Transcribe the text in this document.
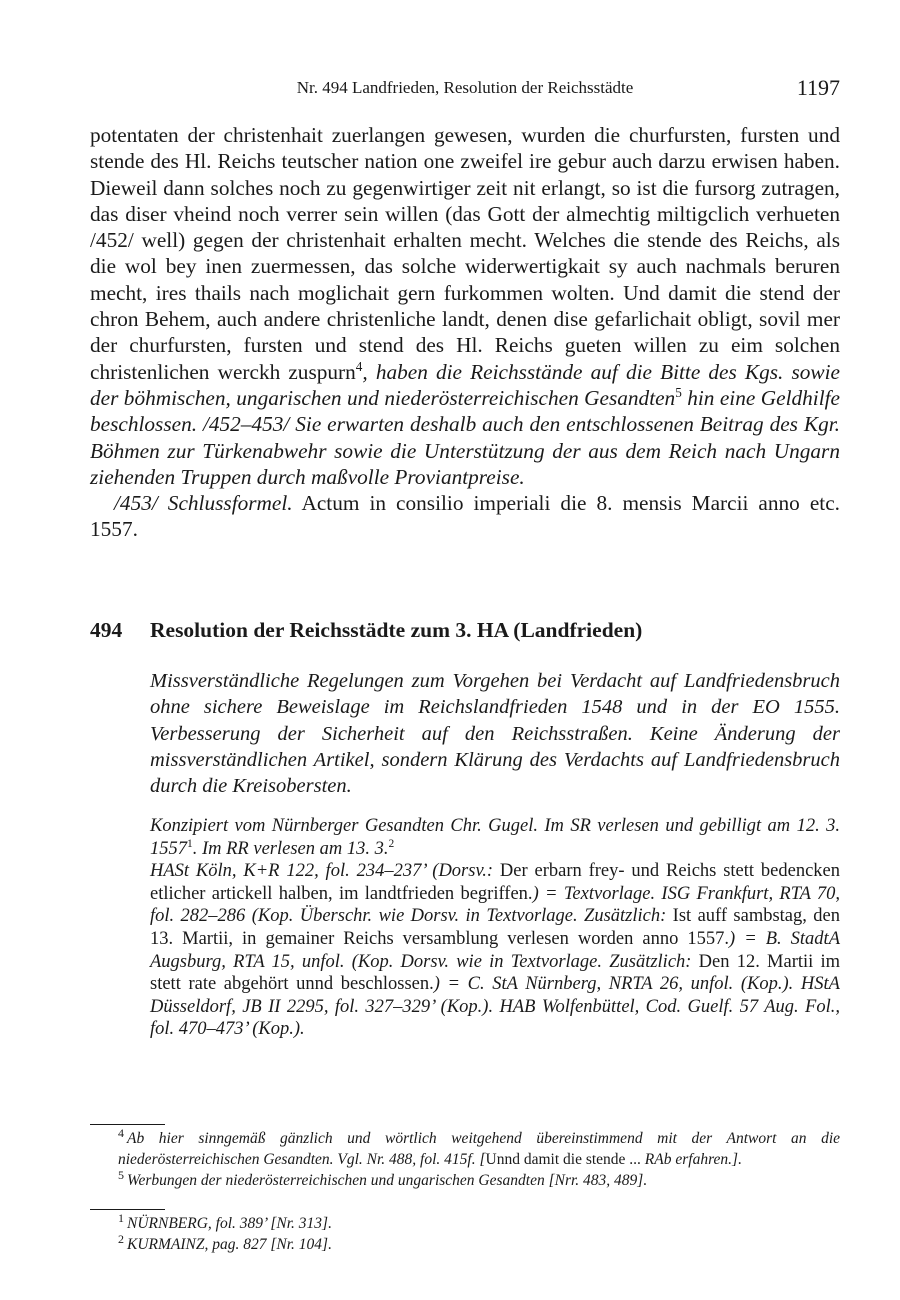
Nr. 494 Landfrieden, Resolution der Reichsstädte	1197

potentaten der christenhait zuerlangen gewesen, wurden die churfursten, fursten und stende des Hl. Reichs teutscher nation one zweifel ire gebur auch darzu erwisen haben. Dieweil dann solches noch zu gegenwirtiger zeit nit erlangt, so ist die fursorg zutragen, das diser vheind noch verrer sein willen (das Gott der almechtig miltigclich verhueten /452/ well) gegen der christenhait erhalten mecht. Welches die stende des Reichs, als die wol bey inen zuermessen, das solche widerwertigkait sy auch nachmals beruren mecht, ires thails nach moglichait gern furkommen wolten. Und damit die stend der chron Behem, auch andere christenliche landt, denen dise gefarlichait obligt, sovil mer der churfursten, fursten und stend des Hl. Reichs gueten willen zu eim solchen christenlichen werckh zuspurn$^4$, haben die Reichsstände auf die Bitte des Kgs. sowie der böhmischen, ungarischen und niederösterreichischen Gesandten$^5$ hin eine Geldhilfe beschlossen. /452–453/ Sie erwarten deshalb auch den entschlossenen Beitrag des Kgr. Böhmen zur Türkenabwehr sowie die Unterstützung der aus dem Reich nach Ungarn ziehenden Truppen durch maßvolle Proviantpreise.

/453/ Schlussformel. Actum in consilio imperiali die 8. mensis Marcii anno etc. 1557.

494 Resolution der Reichsstädte zum 3. HA (Landfrieden)

Missverständliche Regelungen zum Vorgehen bei Verdacht auf Landfriedensbruch ohne sichere Beweislage im Reichslandfrieden 1548 und in der EO 1555. Verbesserung der Sicherheit auf den Reichsstraßen. Keine Änderung der missverständlichen Artikel, sondern Klärung des Verdachts auf Landfriedensbruch durch die Kreisobersten.

Konzipiert vom Nürnberger Gesandten Chr. Gugel. Im SR verlesen und gebilligt am 12. 3. 1557$^1$. Im RR verlesen am 13. 3.$^2$

HASt Köln, K+R 122, fol. 234–237’ (Dorsv.: Der erbarn frey- und Reichs stett bedencken etlicher artickell halben, im landtfrieden begriffen.) = Textvorlage. ISG Frankfurt, RTA 70, fol. 282–286 (Kop. Überschr. wie Dorsv. in Textvorlage. Zusätzlich: Ist auff sambstag, den 13. Martii, in gemainer Reichs versamblung verlesen worden anno 1557.) = B. StadtA Augsburg, RTA 15, unfol. (Kop. Dorsv. wie in Textvorlage. Zusätzlich: Den 12. Martii im stett rate abgehört unnd beschlossen.) = C. StA Nürnberg, NRTA 26, unfol. (Kop.). HStA Düsseldorf, JB II 2295, fol. 327–329’ (Kop.). HAB Wolfenbüttel, Cod. Guelf. 57 Aug. Fol., fol. 470–473’ (Kop.).

$^4$ Ab hier sinngemäß gänzlich und wörtlich weitgehend übereinstimmend mit der Antwort an die niederösterreichischen Gesandten. Vgl. Nr. 488, fol. 415f. [Unnd damit die stende ... RAb erfahren.].

$^5$ Werbungen der niederösterreichischen und ungarischen Gesandten [Nrr. 483, 489].

$^1$ NÜRNBERG, fol. 389’ [Nr. 313].

$^2$ KURMAINZ, pag. 827 [Nr. 104].
